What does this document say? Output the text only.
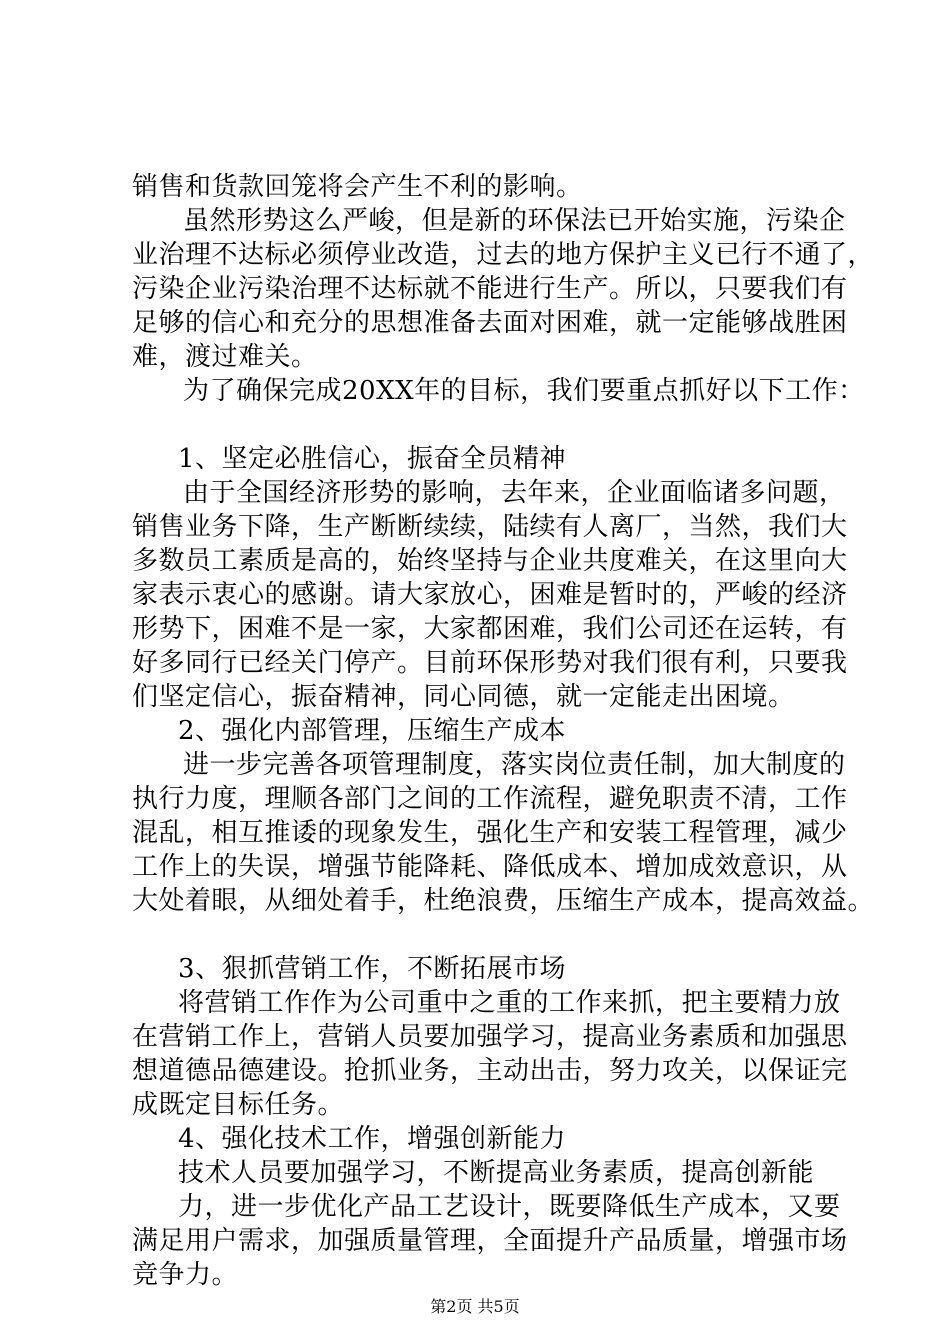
销售和货款回笼将会产生不利的影响。
虽然形势这么严峻，但是新的环保法已开始实施，污染企
业治理不达标必须停业改造，过去的地方保护主义已行不通了，
污染企业污染治理不达标就不能进行生产。所以，只要我们有
足够的信心和充分的思想准备去面对困难，就一定能够战胜困
难，渡过难关。
为了确保完成20XX年的目标，我们要重点抓好以下工作：
1、坚定必胜信心，振奋全员精神
由于全国经济形势的影响，去年来，企业面临诸多问题，
销售业务下降，生产断断续续，陆续有人离厂，当然，我们大
多数员工素质是高的，始终坚持与企业共度难关，在这里向大
家表示衷心的感谢。请大家放心，困难是暂时的，严峻的经济
形势下，困难不是一家，大家都困难，我们公司还在运转，有
好多同行已经关门停产。目前环保形势对我们很有利，只要我
们坚定信心，振奋精神，同心同德，就一定能走出困境。
2、强化内部管理，压缩生产成本
进一步完善各项管理制度，落实岗位责任制，加大制度的
执行力度，理顺各部门之间的工作流程，避免职责不清，工作
混乱，相互推诿的现象发生，强化生产和安装工程管理，减少
工作上的失误，增强节能降耗、降低成本、增加成效意识，从
大处着眼，从细处着手，杜绝浪费，压缩生产成本，提高效益。
3、狠抓营销工作，不断拓展市场
将营销工作作为公司重中之重的工作来抓，把主要精力放
在营销工作上，营销人员要加强学习，提高业务素质和加强思
想道德品德建设。抢抓业务，主动出击，努力攻关，以保证完
成既定目标任务。
4、强化技术工作，增强创新能力
技术人员要加强学习，不断提高业务素质，提高创新能
力，进一步优化产品工艺设计，既要降低生产成本，又要
满足用户需求，加强质量管理，全面提升产品质量，增强市场
竞争力。
第2页 共5页
